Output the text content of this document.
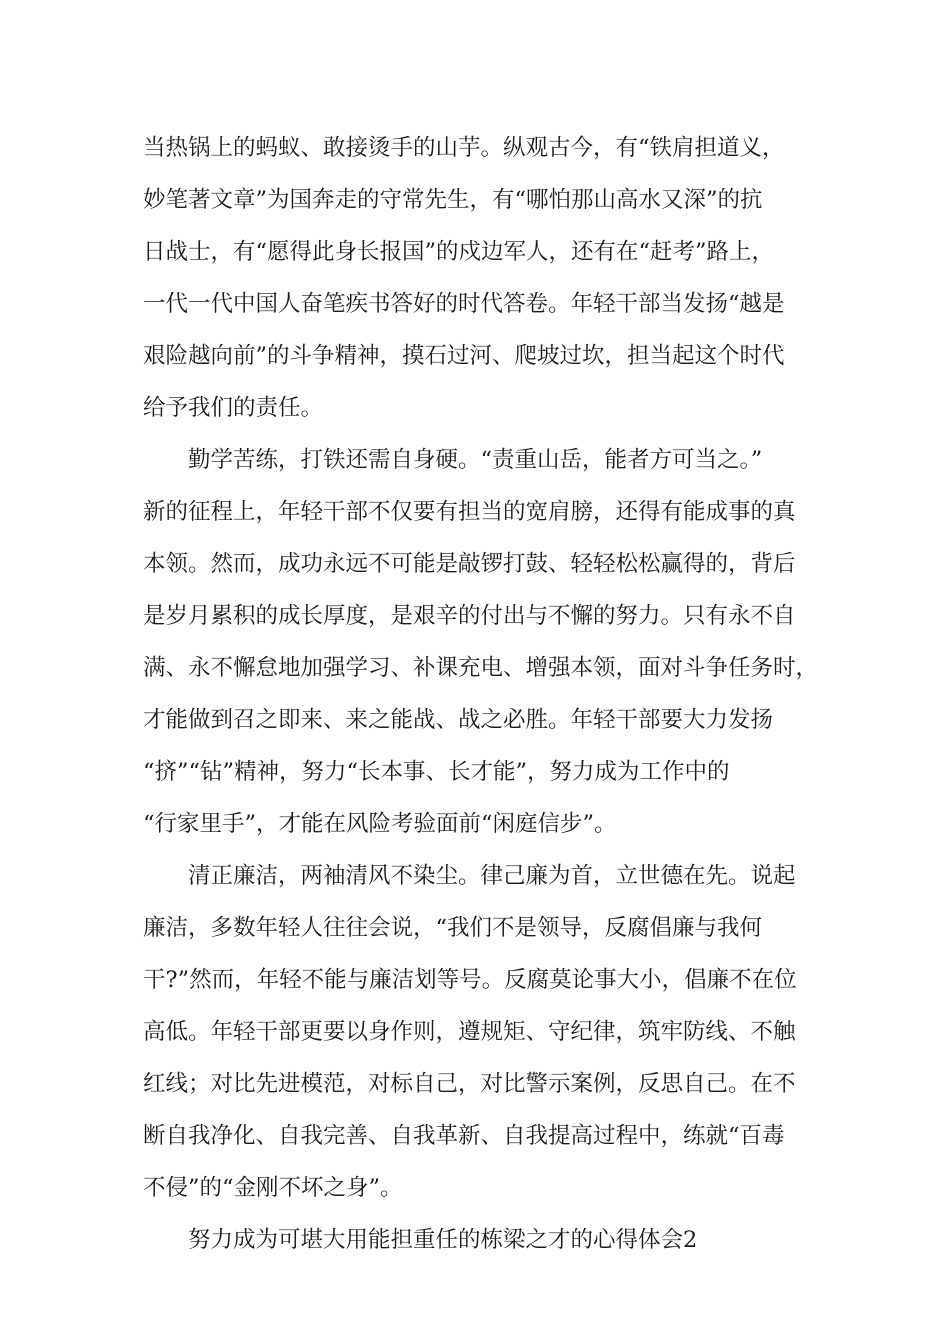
当热锅上的蚂蚁、敢接烫手的山芋。纵观古今，有“铁肩担道义，
妙笔著文章”为国奔走的守常先生，有“哪怕那山高水又深”的抗
日战士，有“愿得此身长报国”的戍边军人，还有在“赶考”路上，
一代一代中国人奋笔疾书答好的时代答卷。年轻干部当发扬“越是
艰险越向前”的斗争精神，摸石过河、爬坡过坎，担当起这个时代
给予我们的责任。
勤学苦练，打铁还需自身硬。“责重山岳，能者方可当之。”
新的征程上，年轻干部不仅要有担当的宽肩膀，还得有能成事的真
本领。然而，成功永远不可能是敲锣打鼓、轻轻松松赢得的，背后
是岁月累积的成长厚度，是艰辛的付出与不懈的努力。只有永不自
满、永不懈怠地加强学习、补课充电、增强本领，面对斗争任务时，
才能做到召之即来、来之能战、战之必胜。年轻干部要大力发扬
“挤”“钻”精神，努力“长本事、长才能”，努力成为工作中的
“行家里手”，才能在风险考验面前“闲庭信步”。
清正廉洁，两袖清风不染尘。律己廉为首，立世德在先。说起
廉洁，多数年轻人往往会说，“我们不是领导，反腐倡廉与我何
干?”然而，年轻不能与廉洁划等号。反腐莫论事大小，倡廉不在位
高低。年轻干部更要以身作则，遵规矩、守纪律，筑牢防线、不触
红线；对比先进模范，对标自己，对比警示案例，反思自己。在不
断自我净化、自我完善、自我革新、自我提高过程中，练就“百毒
不侵”的“金刚不坏之身”。
努力成为可堪大用能担重任的栋梁之才的心得体会2
